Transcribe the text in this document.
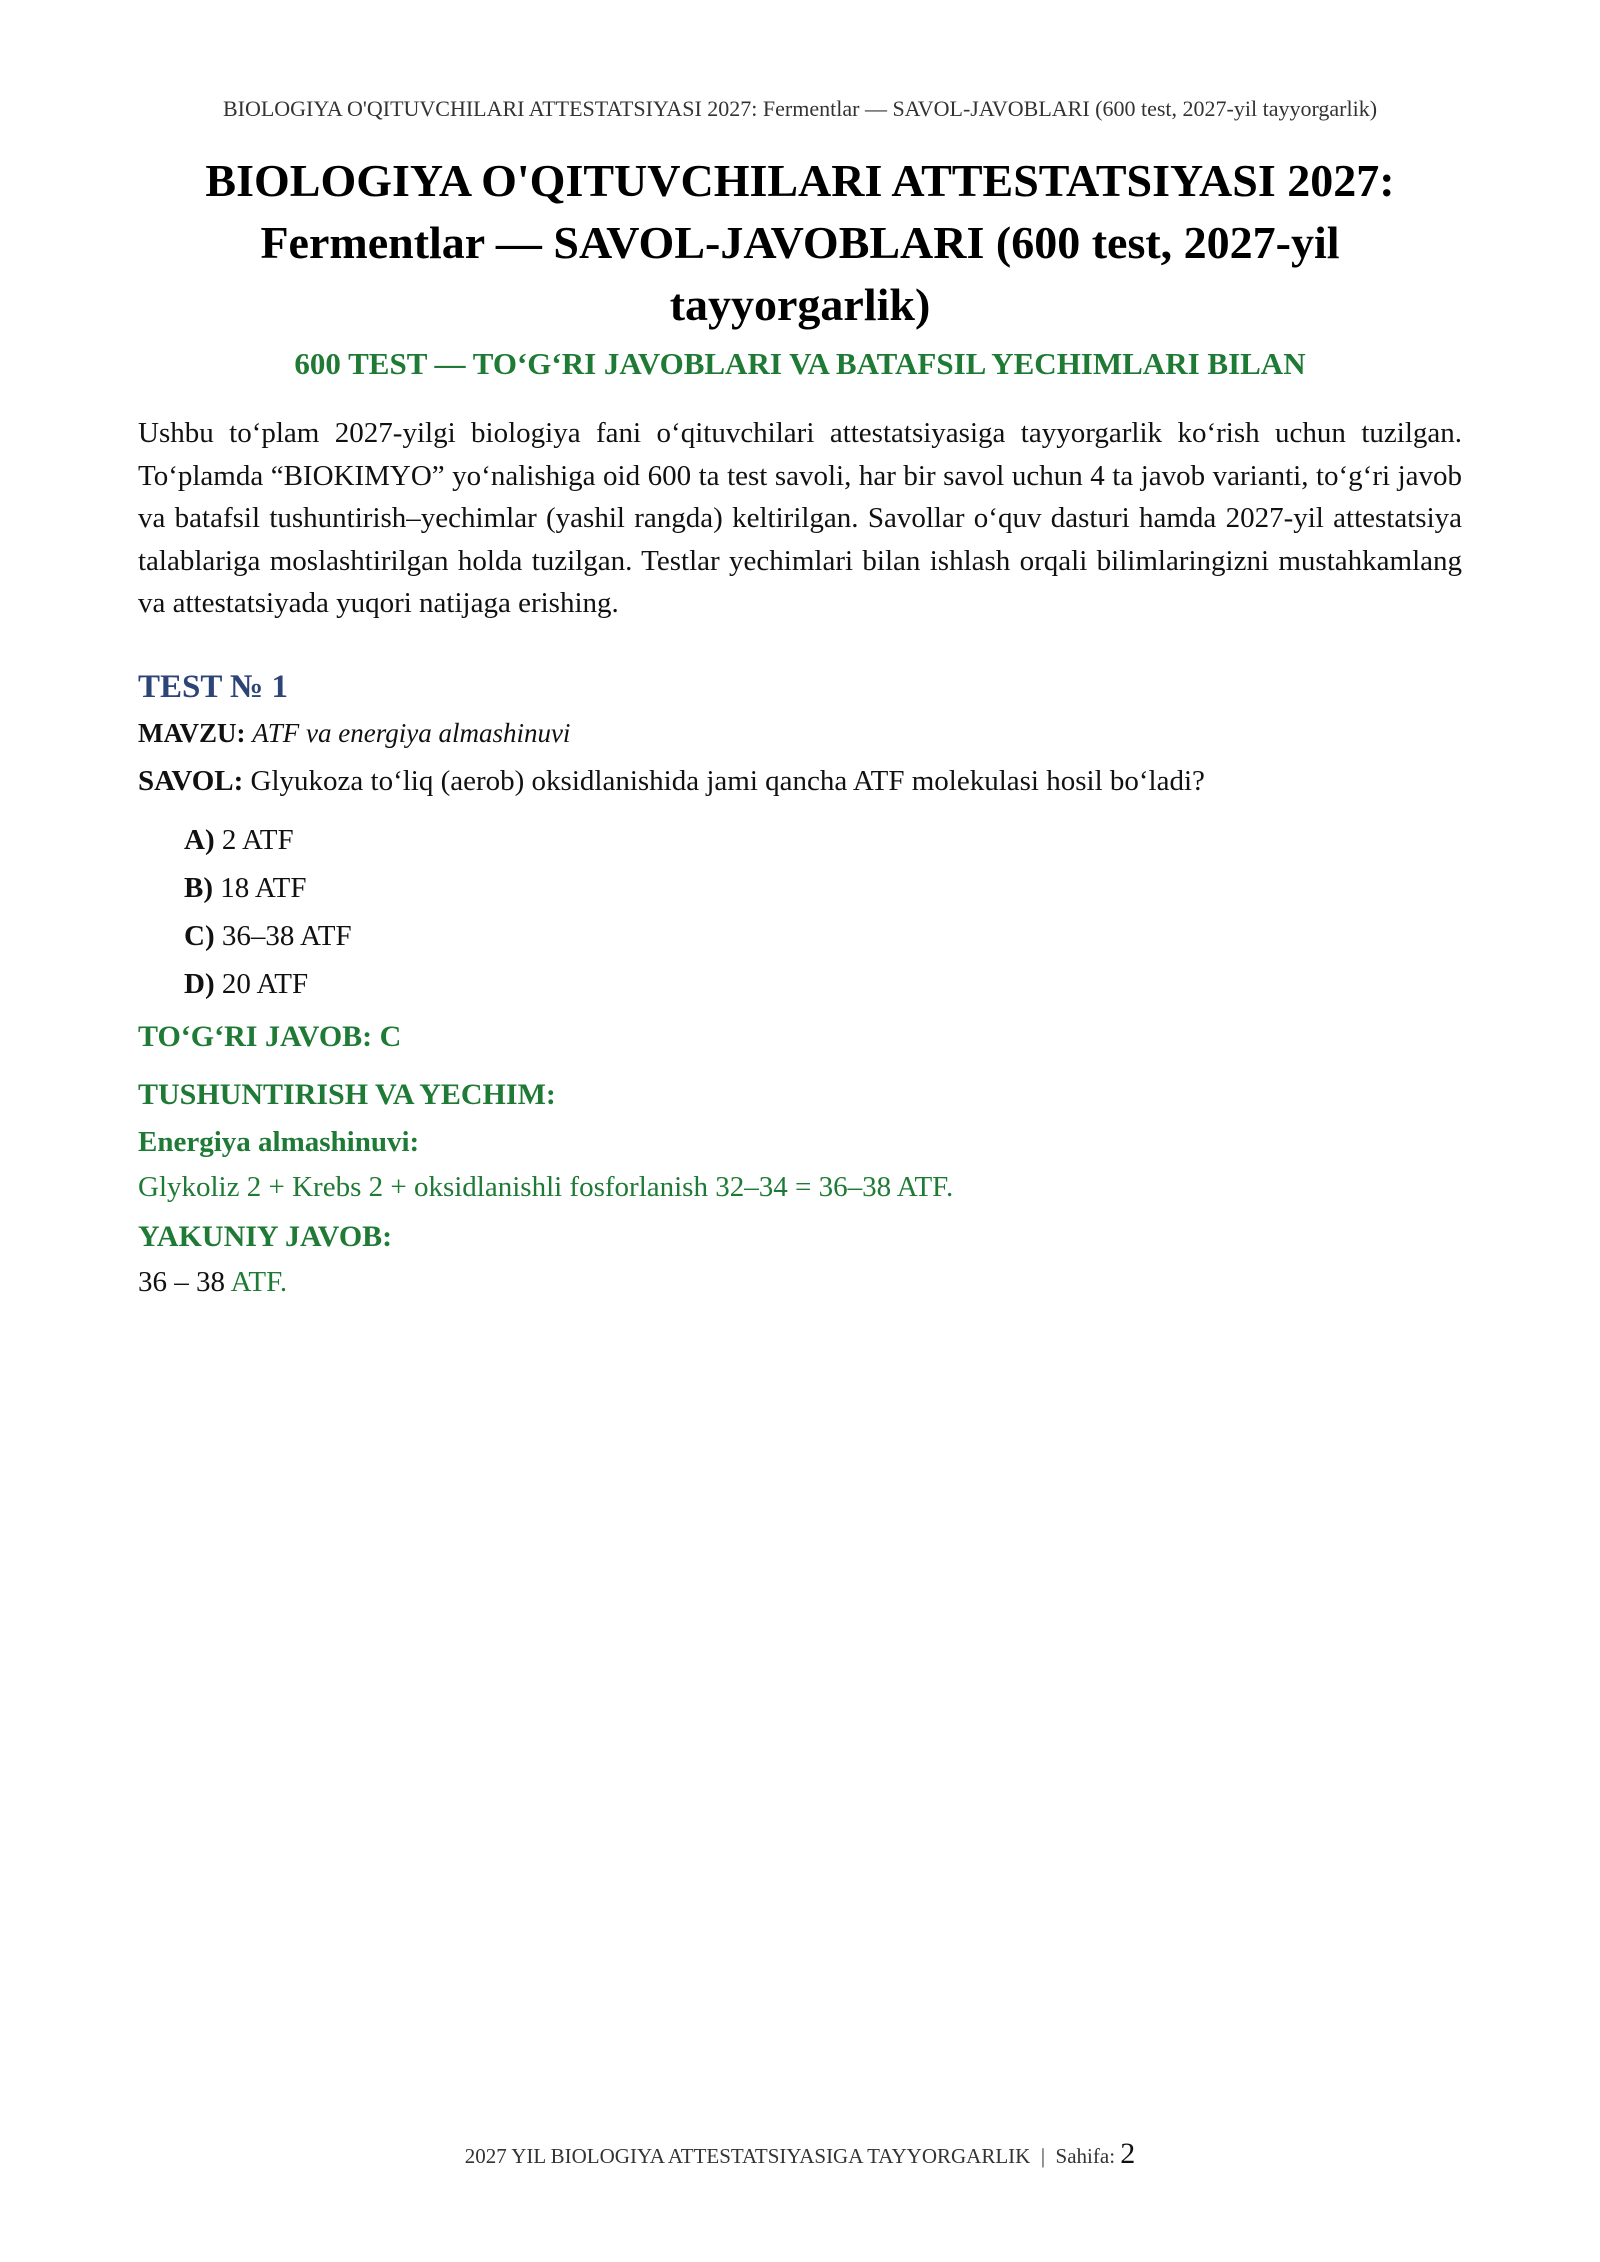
BIOLOGIYA O'QITUVCHILARI ATTESTATSIYASI 2027: Fermentlar — SAVOL-JAVOBLARI (600 test, 2027-yil tayyorgarlik)
BIOLOGIYA O'QITUVCHILARI ATTESTATSIYASI 2027:
Fermentlar — SAVOL-JAVOBLARI (600 test, 2027-yil
tayyorgarlik)
600 TEST — TO‘G‘RI JAVOBLARI VA BATAFSIL YECHIMLARI BILAN

Ushbu to‘plam 2027-yilgi biologiya fani o‘qituvchilari attestatsiyasiga tayyorgarlik ko‘rish uchun tuzilgan. To‘plamda “BIOKIMYO” yo‘nalishiga oid 600 ta test savoli, har bir savol uchun 4 ta javob varianti, to‘g‘ri javob va batafsil tushuntirish–yechimlar (yashil rangda) keltirilgan. Savollar o‘quv dasturi hamda 2027-yil attestatsiya talablariga moslashtirilgan holda tuzilgan. Testlar yechimlari bilan ishlash orqali bilimlaringizni mustahkamlang va attestatsiyada yuqori natijaga erishing.

TEST № 1
MAVZU: ATF va energiya almashinuvi
SAVOL: Glyukoza to‘liq (aerob) oksidlanishida jami qancha ATF molekulasi hosil bo‘ladi?
A) 2 ATF
B) 18 ATF
C) 36–38 ATF
D) 20 ATF
TO‘G‘RI JAVOB: C
TUSHUNTIRISH VA YECHIM:
Energiya almashinuvi:
Glykoliz 2 + Krebs 2 + oksidlanishli fosforlanish 32–34 = 36–38 ATF.
YAKUNIY JAVOB:
36 – 38 ATF.
2027 YIL BIOLOGIYA ATTESTATSIYASIGA TAYYORGARLIK | Sahifa: 2
